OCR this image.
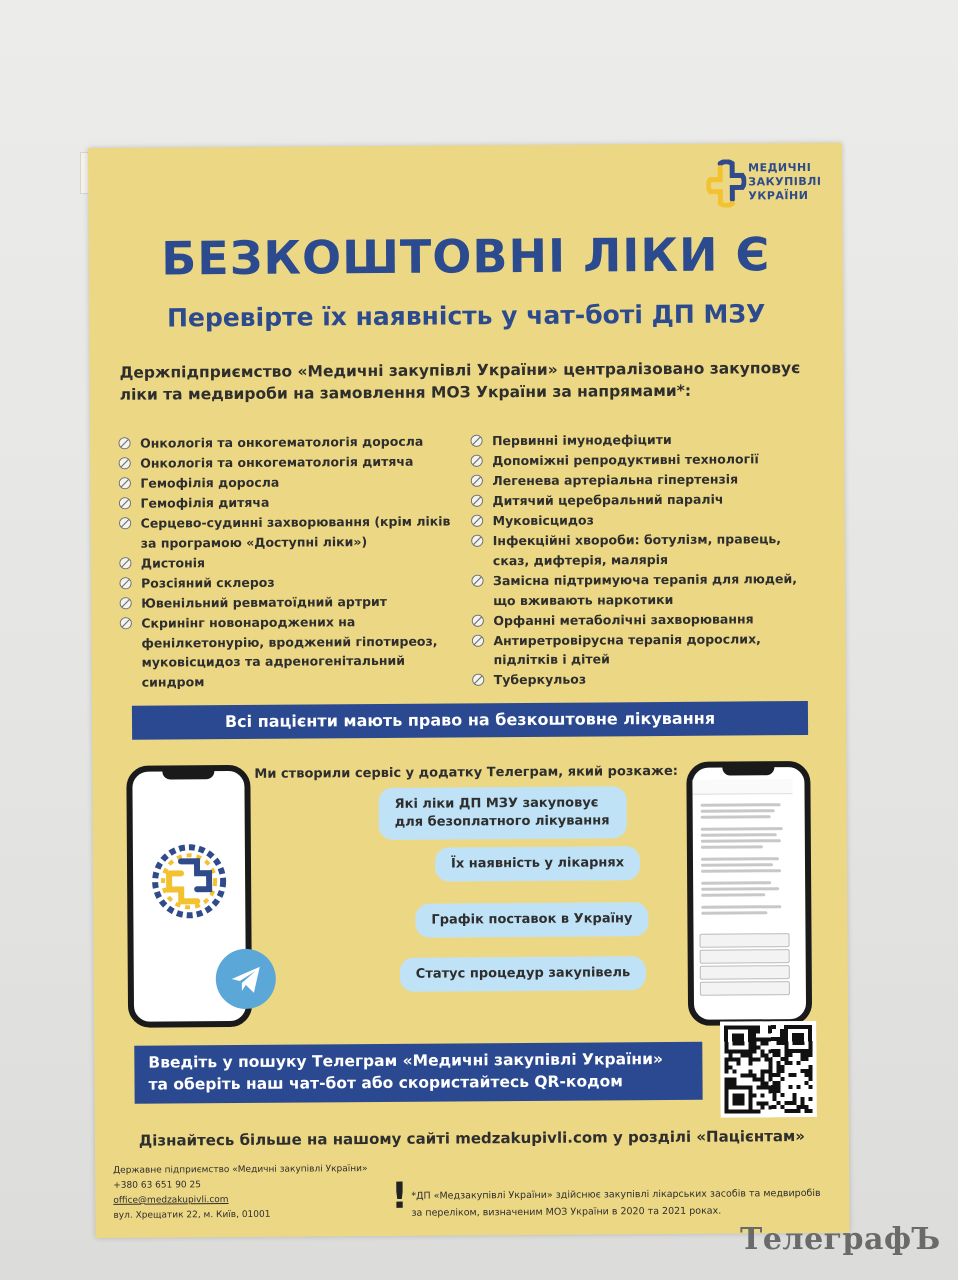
МЕДИЧНІ
ЗАКУПІВЛІ
УКРАЇНИ
БЕЗКОШТОВНІ ЛІКИ Є
Перевірте їх наявність у чат-боті ДП МЗУ
Держпідприємство «Медичні закупівлі України» централізовано закуповує ліки та медвироби на замовлення МОЗ України за напрямами*:
Онкологія та онкогематологія доросла
Онкологія та онкогематологія дитяча
Гемофілія доросла
Гемофілія дитяча
Серцево-судинні захворювання (крім ліків за програмою «Доступні ліки»)
Дистонія
Розсіяний склероз
Ювенільний ревматоїдний артрит
Скринінг новонароджених на фенілкетонурію, вроджений гіпотиреоз, муковісцидоз та адреногенітальний синдром
Первинні імунодефіцити
Допоміжні репродуктивні технології
Легенева артеріальна гіпертензія
Дитячий церебральний параліч
Муковісцидоз
Інфекційні хвороби: ботулізм, правець, сказ, дифтерія, малярія
Замісна підтримуюча терапія для людей, що вживають наркотики
Орфанні метаболічні захворювання
Антиретровірусна терапія дорослих, підлітків і дітей
Туберкульоз
Всі пацієнти мають право на безкоштовне лікування
Ми створили сервіс у додатку Телеграм, який розкаже:
Які ліки ДП МЗУ закуповує для безоплатного лікування
Їх наявність у лікарнях
Графік поставок в Україну
Статус процедур закупівель
Введіть у пошуку Телеграм «Медичні закупівлі України»
та оберіть наш чат-бот або скористайтесь QR-кодом
Дізнайтесь більше на нашому сайті medzakupivli.com у розділі «Пацієнтам»
Державне підприємство «Медичні закупівлі України»
+380 63 651 90 25
office@medzakupivli.com
вул. Хрещатик 22, м. Київ, 01001	! *ДП «Медзакупівлі України» здійснює закупівлі лікарських засобів та медвиробів за переліком, визначеним МОЗ України в 2020 та 2021 роках.
ТелеграфЪ
